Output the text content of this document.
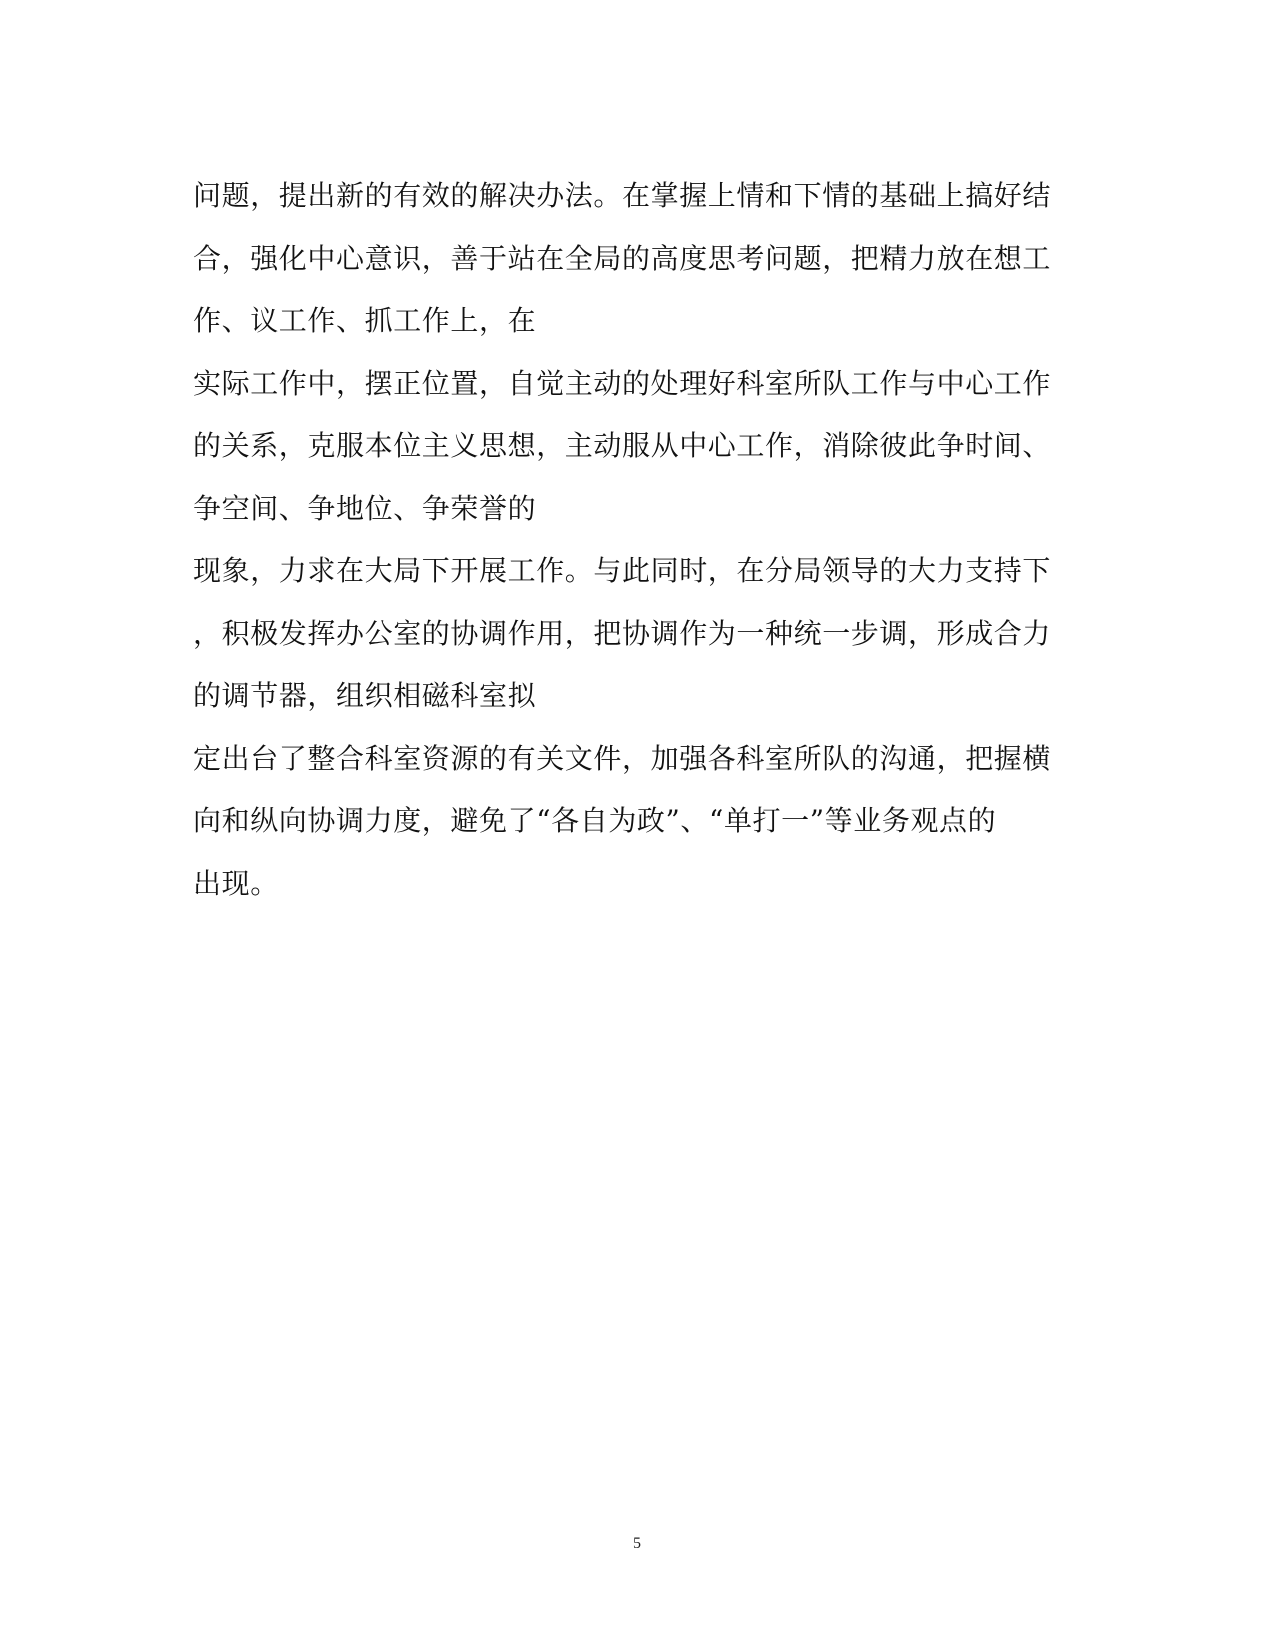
问题，提出新的有效的解决办法。在掌握上情和下情的基础上搞好结
合，强化中心意识，善于站在全局的高度思考问题，把精力放在想工
作、议工作、抓工作上，在
实际工作中，摆正位置，自觉主动的处理好科室所队工作与中心工作
的关系，克服本位主义思想，主动服从中心工作，消除彼此争时间、
争空间、争地位、争荣誉的
现象，力求在大局下开展工作。与此同时，在分局领导的大力支持下
，积极发挥办公室的协调作用，把协调作为一种统一步调，形成合力
的调节器，组织相磁科室拟
定出台了整合科室资源的有关文件，加强各科室所队的沟通，把握横
向和纵向协调力度，避免了“各自为政”、“单打一”等业务观点的
出现。
5
